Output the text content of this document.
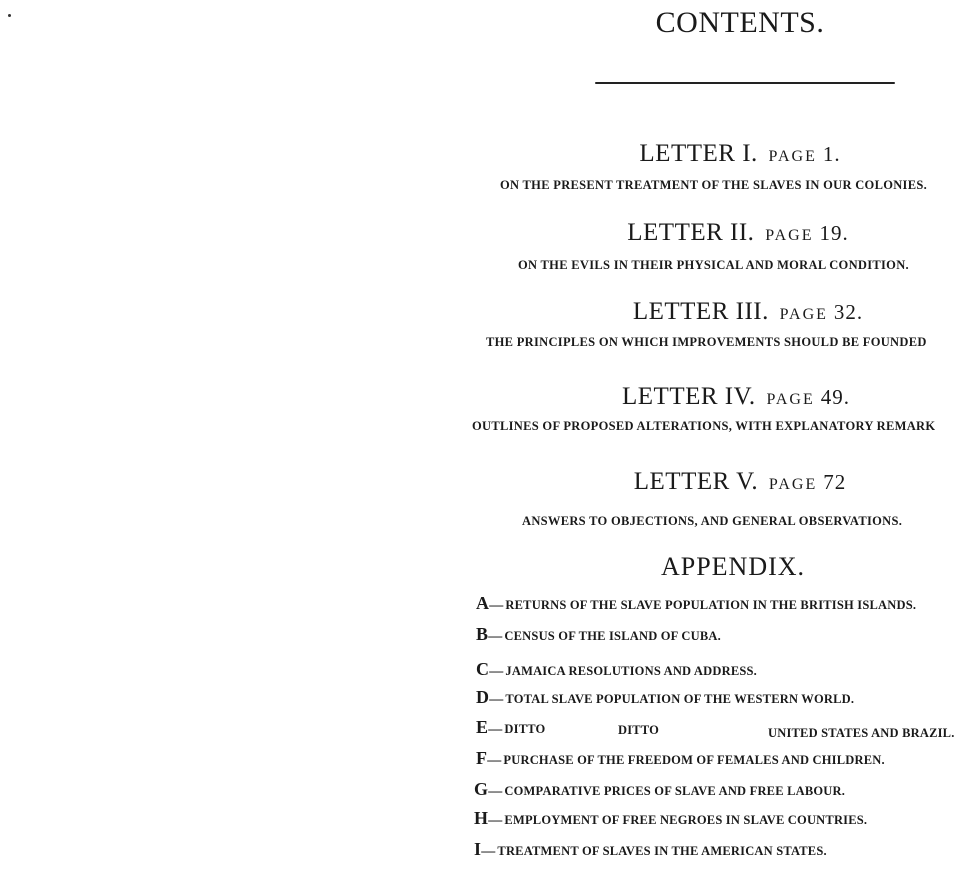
CONTENTS.
LETTER I. PAGE 1.
ON THE PRESENT TREATMENT OF THE SLAVES IN OUR COLONIES.
LETTER II. PAGE 19.
ON THE EVILS IN THEIR PHYSICAL AND MORAL CONDITION.
LETTER III. PAGE 32.
THE PRINCIPLES ON WHICH IMPROVEMENTS SHOULD BE FOUNDED
LETTER IV. PAGE 49.
OUTLINES OF PROPOSED ALTERATIONS, WITH EXPLANATORY REMARK
LETTER V. PAGE 72
ANSWERS TO OBJECTIONS, AND GENERAL OBSERVATIONS.
APPENDIX.
A— RETURNS OF THE SLAVE POPULATION IN THE BRITISH ISLANDS.
B— CENSUS OF THE ISLAND OF CUBA.
C— JAMAICA RESOLUTIONS AND ADDRESS.
D— TOTAL SLAVE POPULATION OF THE WESTERN WORLD.
E— DITTO	DITTO	UNITED STATES AND BRAZIL.
F— PURCHASE OF THE FREEDOM OF FEMALES AND CHILDREN.
G— COMPARATIVE PRICES OF SLAVE AND FREE LABOUR.
H— EMPLOYMENT OF FREE NEGROES IN SLAVE COUNTRIES.
I— TREATMENT OF SLAVES IN THE AMERICAN STATES.
